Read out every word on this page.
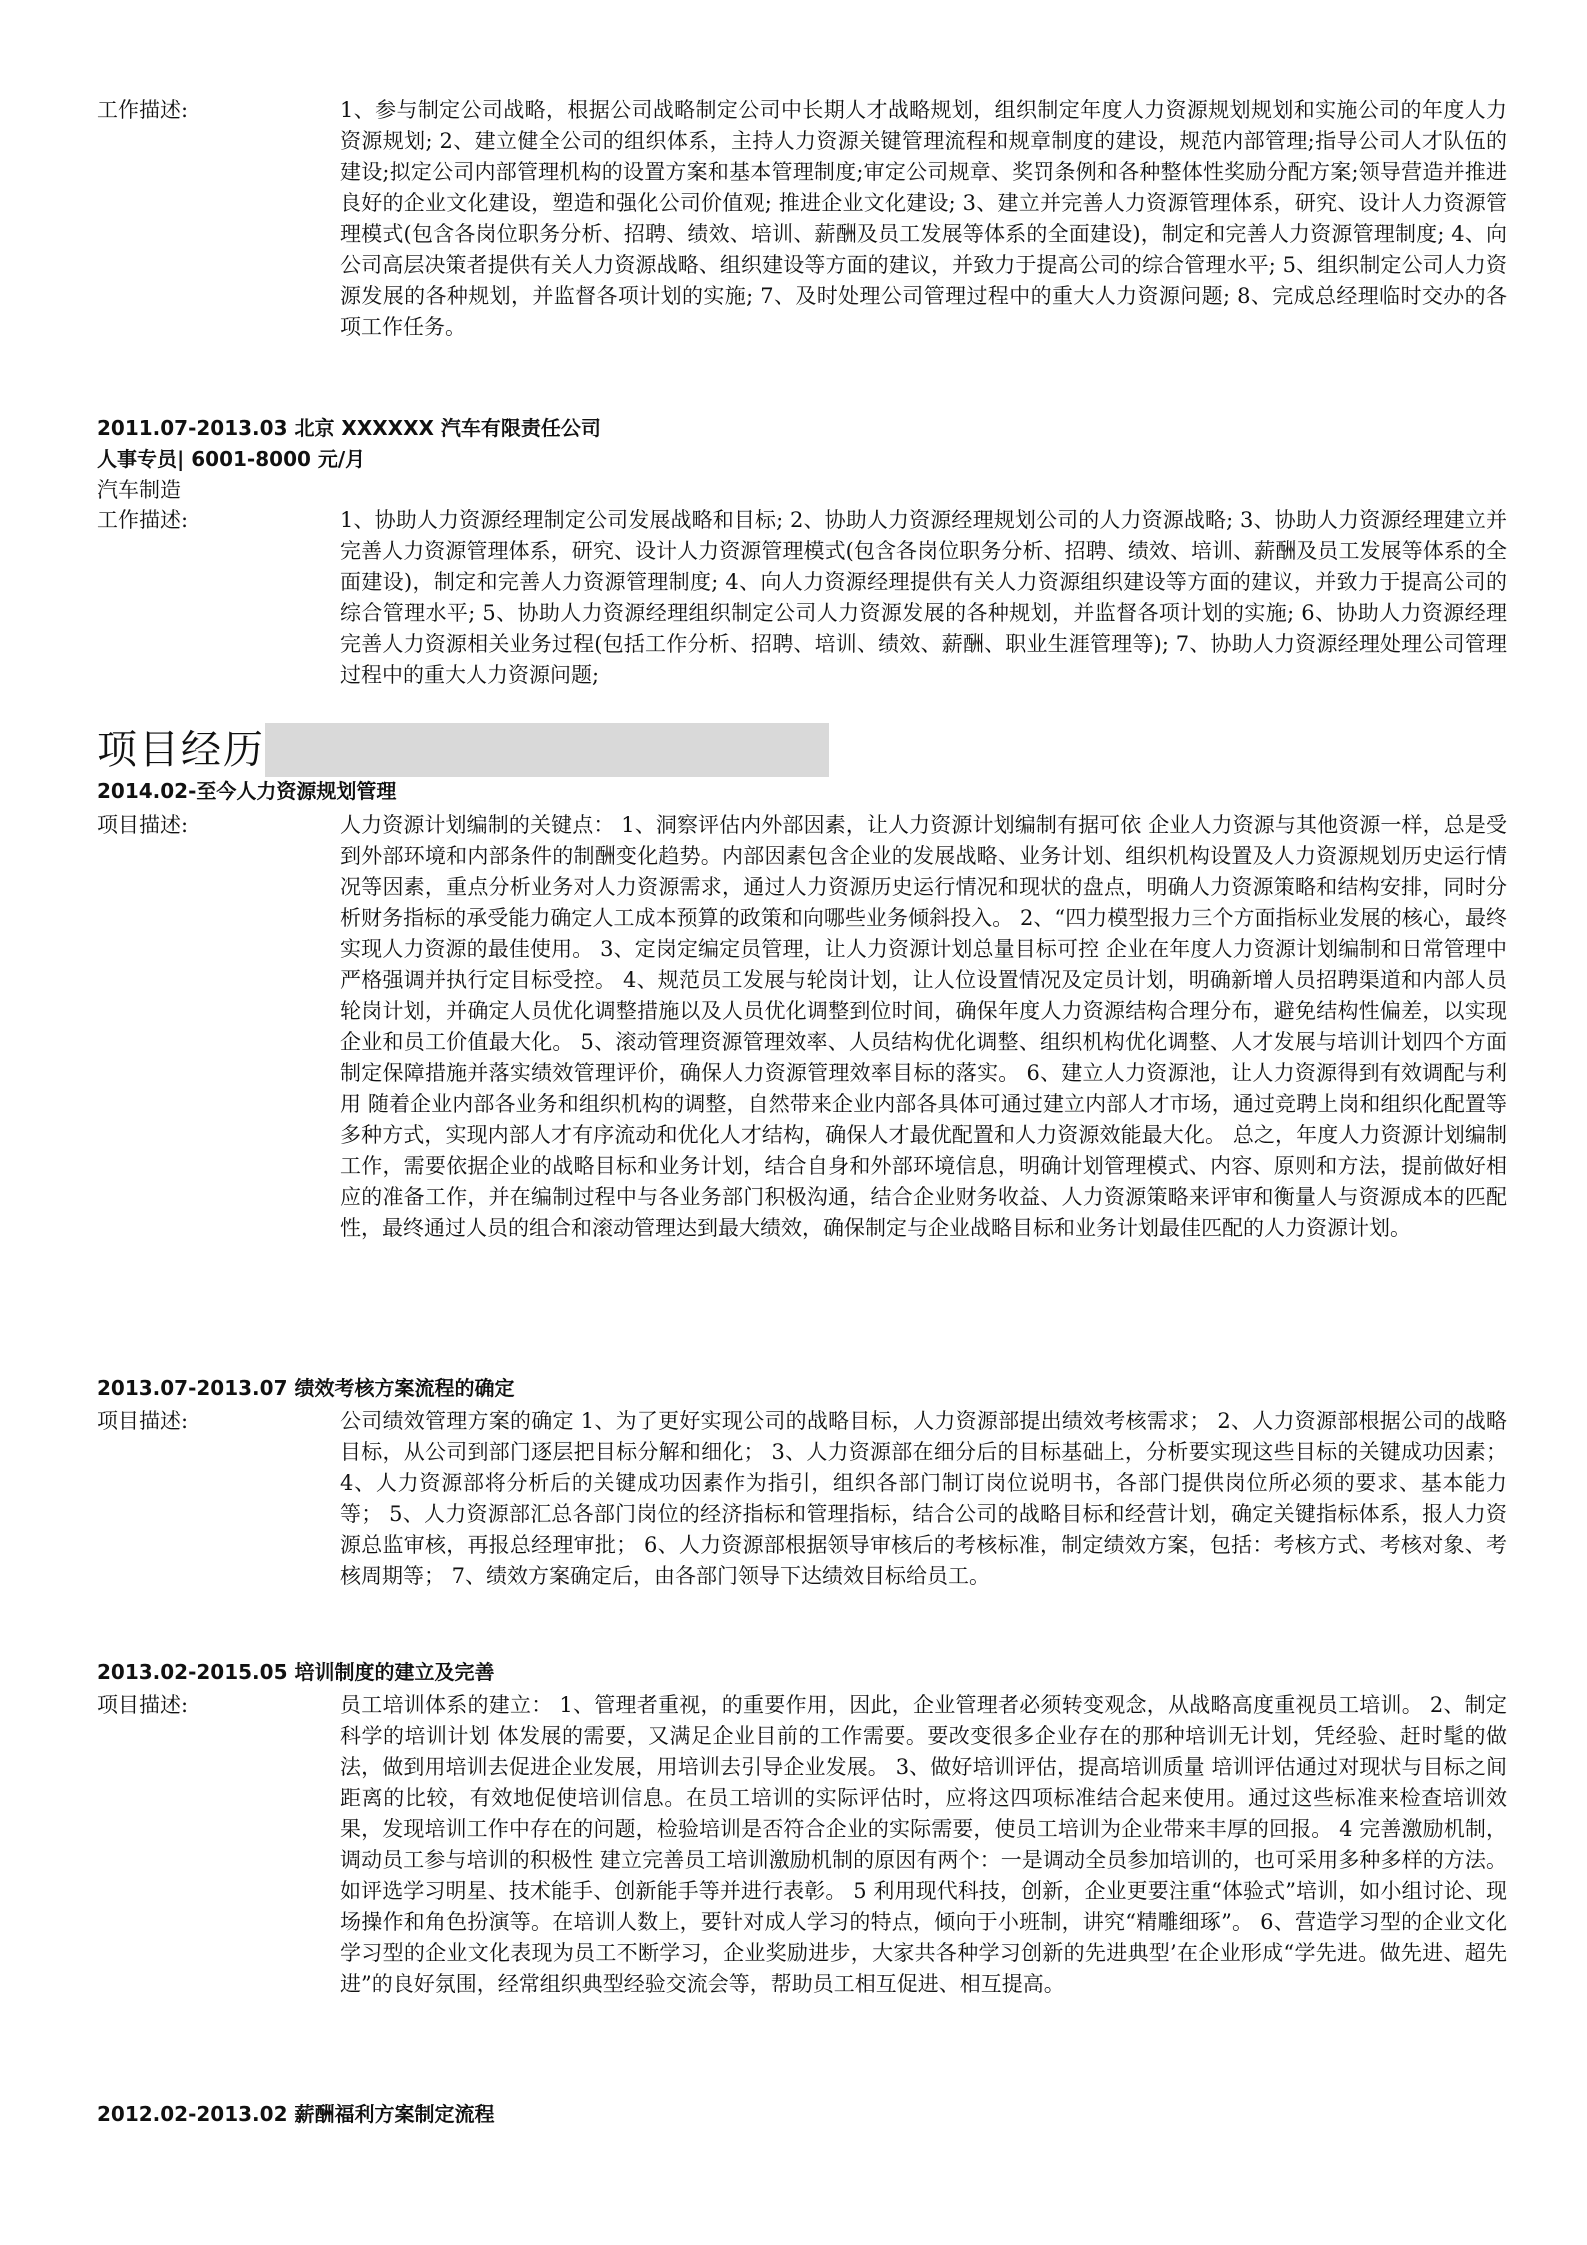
工作描述:	1、参与制定公司战略，根据公司战略制定公司中长期人才战略规划，组织制定年度人力资源规划规划和实施公司的年度人力资源规划; 2、建立健全公司的组织体系，主持人力资源关键管理流程和规章制度的建设，规范内部管理;指导公司人才队伍的建设;拟定公司内部管理机构的设置方案和基本管理制度;审定公司规章、奖罚条例和各种整体性奖励分配方案;领导营造并推进良好的企业文化建设，塑造和强化公司价值观; 推进企业文化建设; 3、建立并完善人力资源管理体系，研究、设计人力资源管理模式(包含各岗位职务分析、招聘、绩效、培训、薪酬及员工发展等体系的全面建设)，制定和完善人力资源管理制度; 4、向公司高层决策者提供有关人力资源战略、组织建设等方面的建议，并致力于提高公司的综合管理水平; 5、组织制定公司人力资源发展的各种规划，并监督各项计划的实施; 7、及时处理公司管理过程中的重大人力资源问题; 8、完成总经理临时交办的各项工作任务。
2011.07-2013.03 北京 XXXXXX 汽车有限责任公司
人事专员| 6001-8000 元/月
汽车制造
工作描述:	1、协助人力资源经理制定公司发展战略和目标; 2、协助人力资源经理规划公司的人力资源战略; 3、协助人力资源经理建立并完善人力资源管理体系，研究、设计人力资源管理模式(包含各岗位职务分析、招聘、绩效、培训、薪酬及员工发展等体系的全面建设)，制定和完善人力资源管理制度; 4、向人力资源经理提供有关人力资源组织建设等方面的建议，并致力于提高公司的综合管理水平; 5、协助人力资源经理组织制定公司人力资源发展的各种规划，并监督各项计划的实施; 6、协助人力资源经理完善人力资源相关业务过程(包括工作分析、招聘、培训、绩效、薪酬、职业生涯管理等); 7、协助人力资源经理处理公司管理过程中的重大人力资源问题;
项目经历
2014.02-至今人力资源规划管理
项目描述:	人力资源计划编制的关键点： 1、洞察评估内外部因素，让人力资源计划编制有据可依 企业人力资源与其他资源一样，总是受到外部环境和内部条件的制酬变化趋势。内部因素包含企业的发展战略、业务计划、组织机构设置及人力资源规划历史运行情况等因素，重点分析业务对人力资源需求，通过人力资源历史运行情况和现状的盘点，明确人力资源策略和结构安排，同时分析财务指标的承受能力确定人工成本预算的政策和向哪些业务倾斜投入。 2、“四力模型报力三个方面指标业发展的核心，最终实现人力资源的最佳使用。 3、定岗定编定员管理，让人力资源计划总量目标可控 企业在年度人力资源计划编制和日常管理中严格强调并执行定目标受控。 4、规范员工发展与轮岗计划，让人位设置情况及定员计划，明确新增人员招聘渠道和内部人员轮岗计划，并确定人员优化调整措施以及人员优化调整到位时间，确保年度人力资源结构合理分布，避免结构性偏差，以实现企业和员工价值最大化。 5、滚动管理资源管理效率、人员结构优化调整、组织机构优化调整、人才发展与培训计划四个方面制定保障措施并落实绩效管理评价，确保人力资源管理效率目标的落实。 6、建立人力资源池，让人力资源得到有效调配与利用 随着企业内部各业务和组织机构的调整，自然带来企业内部各具体可通过建立内部人才市场，通过竞聘上岗和组织化配置等多种方式，实现内部人才有序流动和优化人才结构，确保人才最优配置和人力资源效能最大化。 总之，年度人力资源计划编制工作，需要依据企业的战略目标和业务计划，结合自身和外部环境信息，明确计划管理模式、内容、原则和方法，提前做好相应的准备工作，并在编制过程中与各业务部门积极沟通，结合企业财务收益、人力资源策略来评审和衡量人与资源成本的匹配性，最终通过人员的组合和滚动管理达到最大绩效，确保制定与企业战略目标和业务计划最佳匹配的人力资源计划。
2013.07-2013.07 绩效考核方案流程的确定
项目描述:	公司绩效管理方案的确定 1、为了更好实现公司的战略目标，人力资源部提出绩效考核需求； 2、人力资源部根据公司的战略目标，从公司到部门逐层把目标分解和细化； 3、人力资源部在细分后的目标基础上，分析要实现这些目标的关键成功因素； 4、人力资源部将分析后的关键成功因素作为指引，组织各部门制订岗位说明书，各部门提供岗位所必须的要求、基本能力等； 5、人力资源部汇总各部门岗位的经济指标和管理指标，结合公司的战略目标和经营计划，确定关键指标体系，报人力资源总监审核，再报总经理审批； 6、人力资源部根据领导审核后的考核标准，制定绩效方案，包括：考核方式、考核对象、考核周期等； 7、绩效方案确定后，由各部门领导下达绩效目标给员工。
2013.02-2015.05 培训制度的建立及完善
项目描述:	员工培训体系的建立： 1、管理者重视，的重要作用，因此，企业管理者必须转变观念，从战略高度重视员工培训。 2、制定科学的培训计划 体发展的需要，又满足企业目前的工作需要。要改变很多企业存在的那种培训无计划，凭经验、赶时髦的做法，做到用培训去促进企业发展，用培训去引导企业发展。 3、做好培训评估，提高培训质量 培训评估通过对现状与目标之间距离的比较，有效地促使培训信息。在员工培训的实际评估时，应将这四项标准结合起来使用。通过这些标准来检查培训效果，发现培训工作中存在的问题，检验培训是否符合企业的实际需要，使员工培训为企业带来丰厚的回报。 4 完善激励机制，调动员工参与培训的积极性 建立完善员工培训激励机制的原因有两个：一是调动全员参加培训的，也可采用多种多样的方法。如评选学习明星、技术能手、创新能手等并进行表彰。 5 利用现代科技，创新，企业更要注重“体验式”培训，如小组讨论、现场操作和角色扮演等。在培训人数上，要针对成人学习的特点，倾向于小班制，讲究“精雕细琢”。 6、营造学习型的企业文化 学习型的企业文化表现为员工不断学习，企业奖励进步，大家共各种学习创新的先进典型’在企业形成“学先进。做先进、超先进”的良好氛围，经常组织典型经验交流会等，帮助员工相互促进、相互提高。
2012.02-2013.02 薪酬福利方案制定流程
